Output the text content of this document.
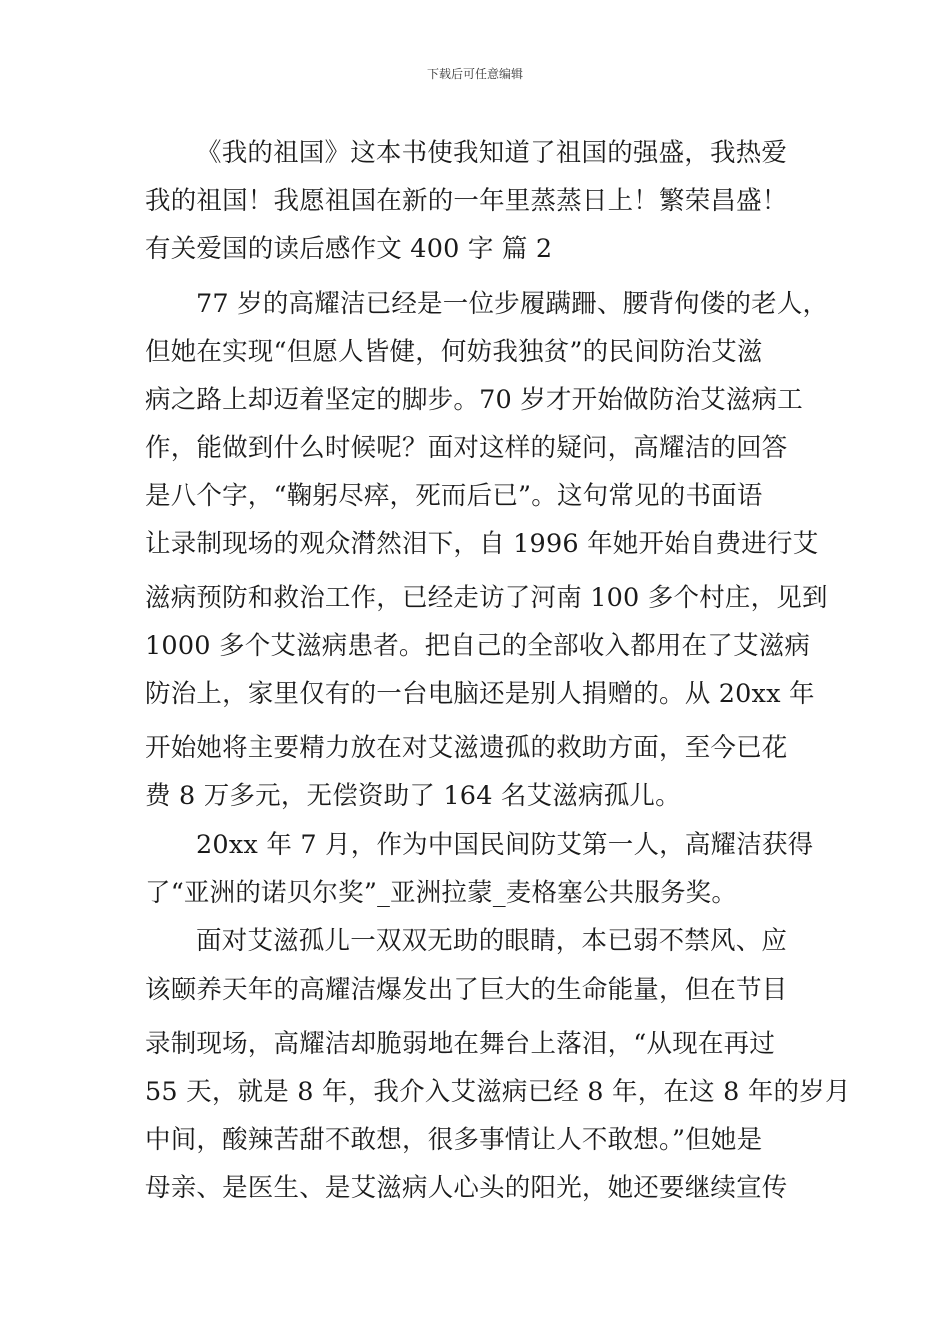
下载后可任意编辑
《我的祖国》这本书使我知道了祖国的强盛，我热爱
我的祖国！我愿祖国在新的一年里蒸蒸日上！繁荣昌盛！
有关爱国的读后感作文 400 字 篇 2
77 岁的高耀洁已经是一位步履蹒跚、腰背佝偻的老人，
但她在实现“但愿人皆健，何妨我独贫”的民间防治艾滋
病之路上却迈着坚定的脚步。70 岁才开始做防治艾滋病工
作，能做到什么时候呢？面对这样的疑问，高耀洁的回答
是八个字，“鞠躬尽瘁，死而后已”。这句常见的书面语
让录制现场的观众潸然泪下，自 1996 年她开始自费进行艾
滋病预防和救治工作，已经走访了河南 100 多个村庄，见到
1000 多个艾滋病患者。把自己的全部收入都用在了艾滋病
防治上，家里仅有的一台电脑还是别人捐赠的。从 20xx 年
开始她将主要精力放在对艾滋遗孤的救助方面，至今已花
费 8 万多元，无偿资助了 164 名艾滋病孤儿。
20xx 年 7 月，作为中国民间防艾第一人，高耀洁获得
了“亚洲的诺贝尔奖”_亚洲拉蒙_麦格塞公共服务奖。
面对艾滋孤儿一双双无助的眼睛，本已弱不禁风、应
该颐养天年的高耀洁爆发出了巨大的生命能量，但在节目
录制现场，高耀洁却脆弱地在舞台上落泪，“从现在再过
55 天，就是 8 年，我介入艾滋病已经 8 年，在这 8 年的岁月
中间，酸辣苦甜不敢想，很多事情让人不敢想。”但她是
母亲、是医生、是艾滋病人心头的阳光，她还要继续宣传
